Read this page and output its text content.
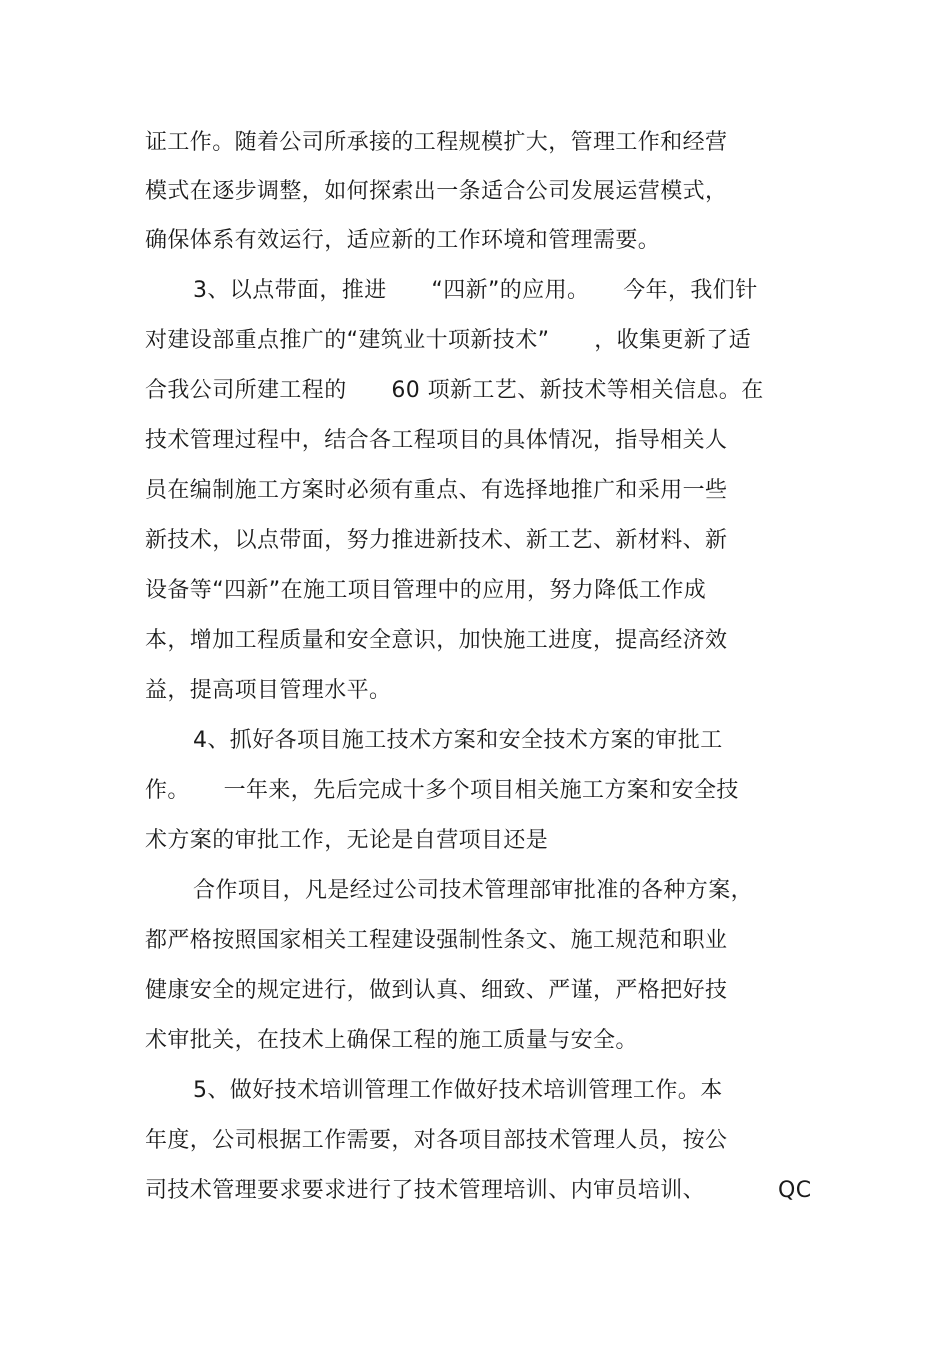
证工作。随着公司所承接的工程规模扩大，管理工作和经营
模式在逐步调整，如何探索出一条适合公司发展运营模式，
确保体系有效运行，适应新的工作环境和管理需要。
3、以点带面，推进　　“四新”的应用。　　今年，我们针
对建设部重点推广的“建筑业十项新技术”　　，收集更新了适
合我公司所建工程的　　60 项新工艺、新技术等相关信息。在
技术管理过程中，结合各工程项目的具体情况，指导相关人
员在编制施工方案时必须有重点、有选择地推广和采用一些
新技术，以点带面，努力推进新技术、新工艺、新材料、新
设备等“四新”在施工项目管理中的应用，努力降低工作成
本，增加工程质量和安全意识，加快施工进度，提高经济效
益，提高项目管理水平。
4、抓好各项目施工技术方案和安全技术方案的审批工
作。　　一年来，先后完成十多个项目相关施工方案和安全技
术方案的审批工作，无论是自营项目还是
合作项目，凡是经过公司技术管理部审批准的各种方案，
都严格按照国家相关工程建设强制性条文、施工规范和职业
健康安全的规定进行，做到认真、细致、严谨，严格把好技
术审批关，在技术上确保工程的施工质量与安全。
5、做好技术培训管理工作做好技术培训管理工作。本
年度，公司根据工作需要，对各项目部技术管理人员，按公
司技术管理要求要求进行了技术管理培训、内审员培训、	QC
